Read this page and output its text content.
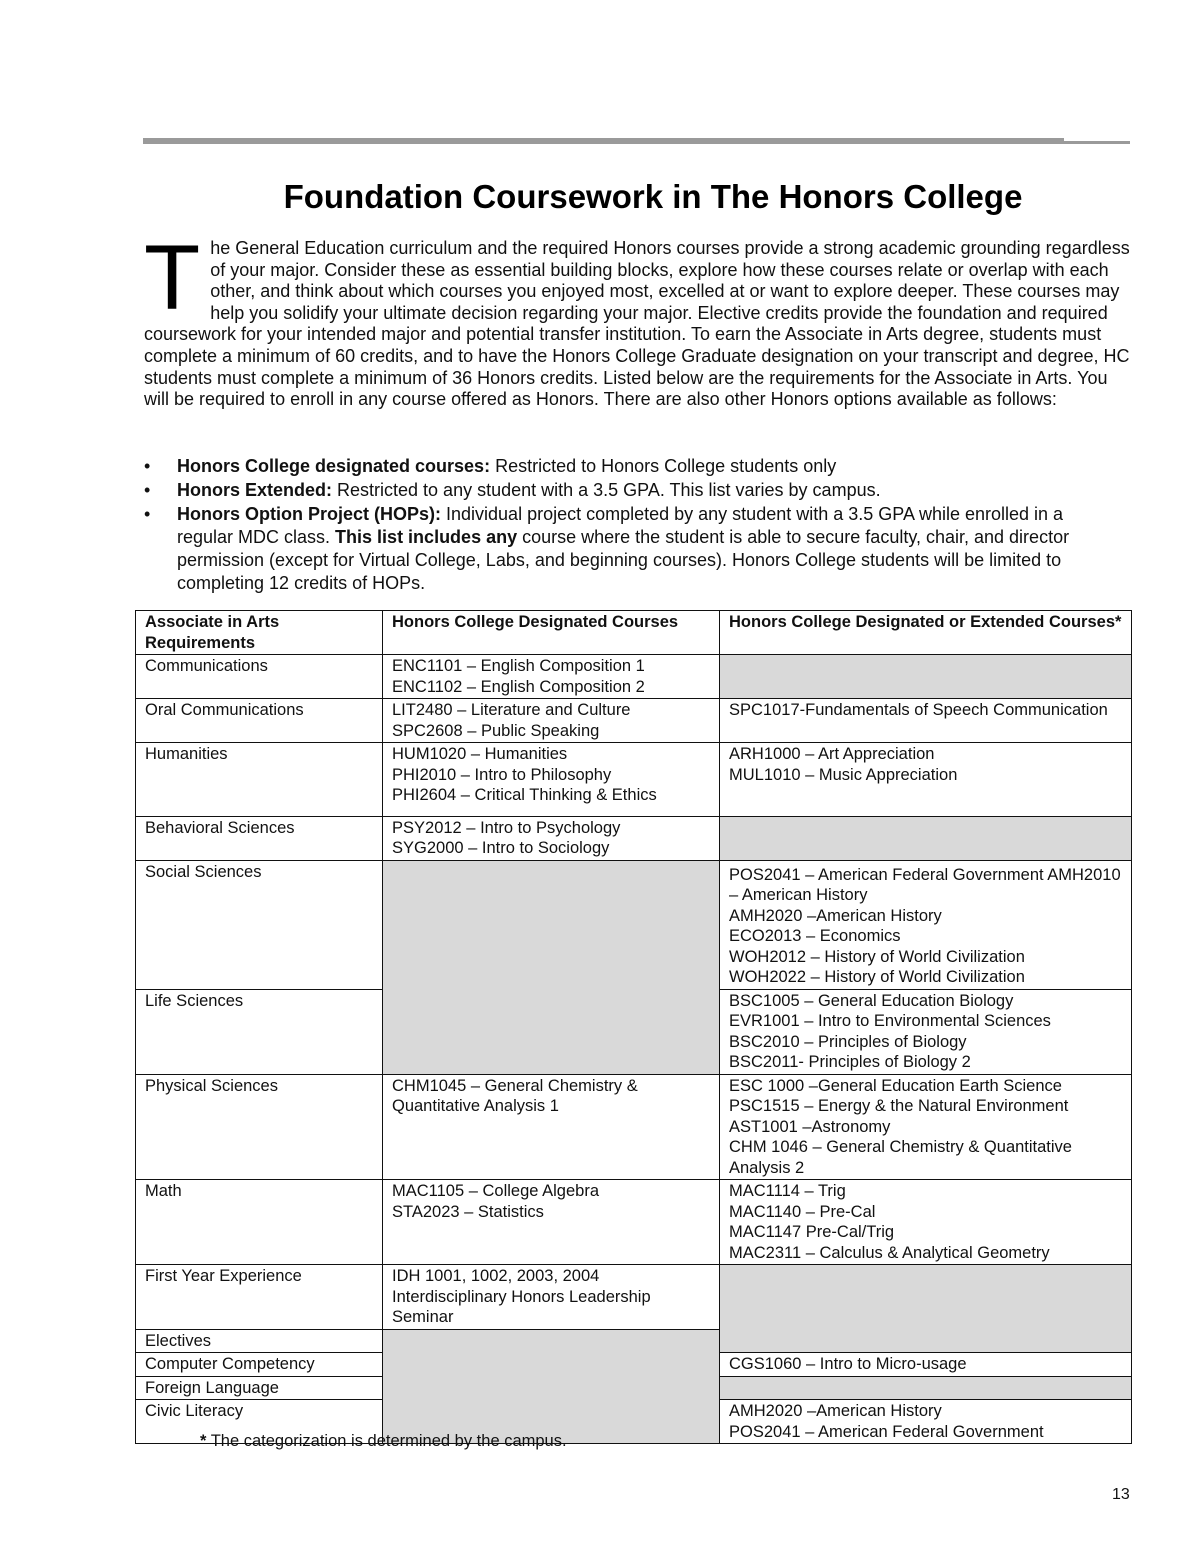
Foundation Coursework in The Honors College

The General Education curriculum and the required Honors courses provide a strong academic grounding regardless of your major. Consider these as essential building blocks, explore how these courses relate or overlap with each other, and think about which courses you enjoyed most, excelled at or want to explore deeper. These courses may help you solidify your ultimate decision regarding your major. Elective credits provide the foundation and required coursework for your intended major and potential transfer institution. To earn the Associate in Arts degree, students must complete a minimum of 60 credits, and to have the Honors College Graduate designation on your transcript and degree, HC students must complete a minimum of 36 Honors credits. Listed below are the requirements for the Associate in Arts. You will be required to enroll in any course offered as Honors. There are also other Honors options available as follows:

• Honors College designated courses: Restricted to Honors College students only
• Honors Extended: Restricted to any student with a 3.5 GPA. This list varies by campus.
• Honors Option Project (HOPs): Individual project completed by any student with a 3.5 GPA while enrolled in a regular MDC class. This list includes any course where the student is able to secure faculty, chair, and director permission (except for Virtual College, Labs, and beginning courses). Honors College students will be limited to completing 12 credits of HOPs.
Associate in Arts Requirements	Honors College Designated Courses	Honors College Designated or Extended Courses*
Communications	ENC1101 – English Composition 1
ENC1102 – English Composition 2	

Oral Communications	LIT2480 – Literature and Culture
SPC2608 – Public Speaking	SPC1017-Fundamentals of Speech Communication

Humanities	HUM1020 – Humanities
PHI2010 – Intro to Philosophy
PHI2604 – Critical Thinking & Ethics	ARH1000 – Art Appreciation
MUL1010 – Music Appreciation

Behavioral Sciences	PSY2012 – Intro to Psychology
SYG2000 – Intro to Sociology	

Social Sciences		POS2041 – American Federal Government AMH2010 – American History
AMH2020 –American History
ECO2013 – Economics
WOH2012 – History of World Civilization
WOH2022 – History of World Civilization

Life Sciences		BSC1005 – General Education Biology
EVR1001 – Intro to Environmental Sciences
BSC2010 – Principles of Biology
BSC2011- Principles of Biology 2

Physical Sciences	CHM1045 – General Chemistry & Quantitative Analysis 1	ESC 1000 –General Education Earth Science
PSC1515 – Energy & the Natural Environment
AST1001 –Astronomy
CHM 1046 – General Chemistry & Quantitative Analysis 2

Math	MAC1105 – College Algebra
STA2023 – Statistics	MAC1114 – Trig
MAC1140 – Pre-Cal
MAC1147 Pre-Cal/Trig
MAC2311 – Calculus & Analytical Geometry

First Year Experience	IDH 1001, 1002, 2003, 2004 Interdisciplinary Honors Leadership Seminar	

Electives		
Computer Competency		CGS1060 – Intro to Micro-usage

Foreign Language		
Civic Literacy		AMH2020 –American History
POS2041 – American Federal Government
* The categorization is determined by the campus.
13
